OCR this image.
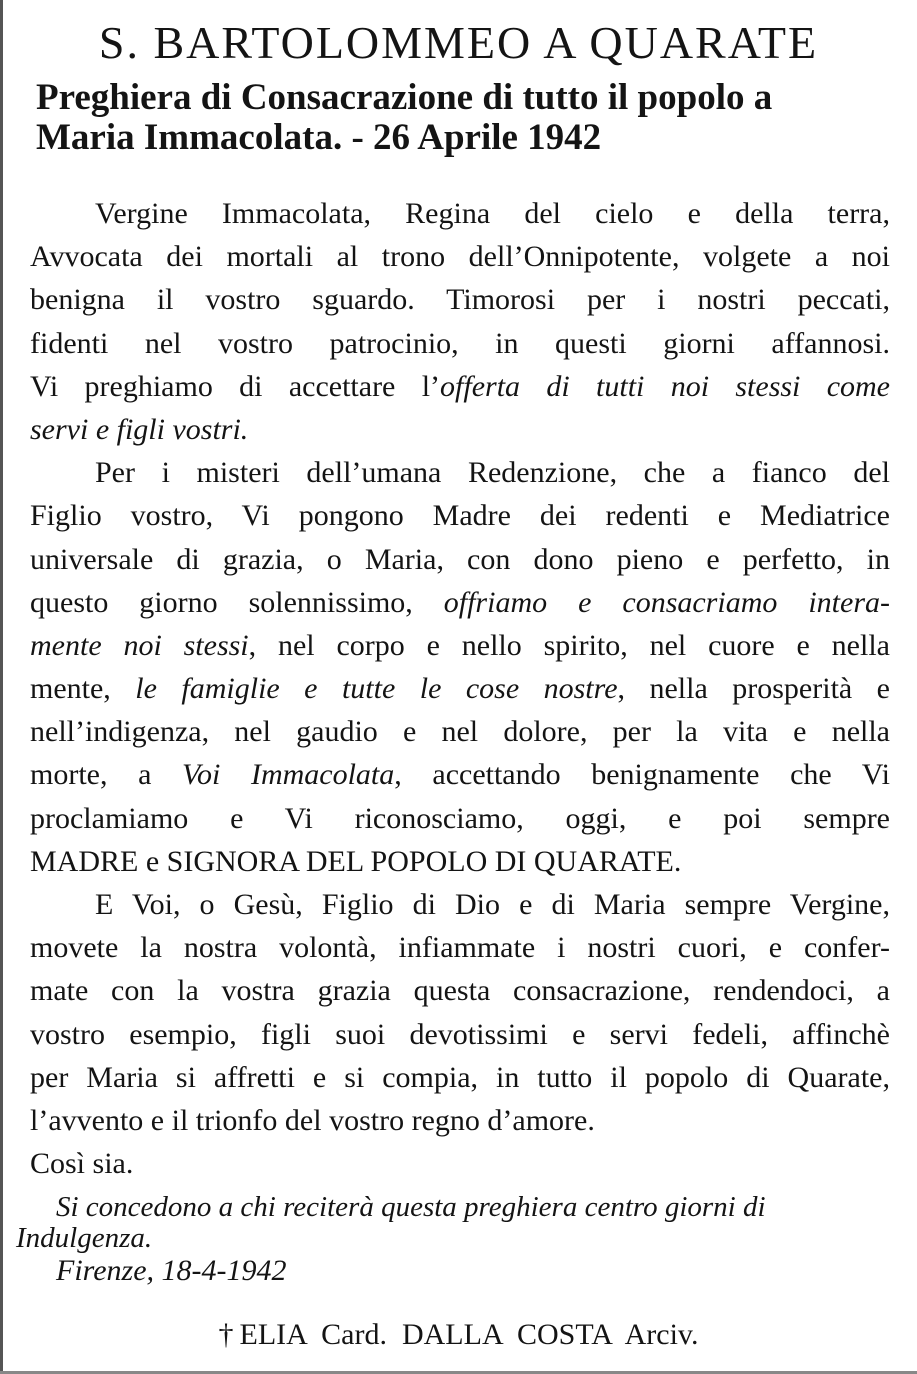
S. BARTOLOMMEO A QUARATE
Preghiera di Consacrazione di tutto il popolo a
Maria Immacolata. - 26 Aprile 1942
Vergine Immacolata, Regina del cielo e della terra,
Avvocata dei mortali al trono dell’Onnipotente, volgete a noi
benigna il vostro sguardo. Timorosi per i nostri peccati,
fidenti nel vostro patrocinio, in questi giorni affannosi.
Vi preghiamo di accettare l’offerta di tutti noi stessi come
servi e figli vostri.
Per i misteri dell’umana Redenzione, che a fianco del
Figlio vostro, Vi pongono Madre dei redenti e Mediatrice
universale di grazia, o Maria, con dono pieno e perfetto, in
questo giorno solennissimo, offriamo e consacriamo intera-
mente noi stessi, nel corpo e nello spirito, nel cuore e nella
mente, le famiglie e tutte le cose nostre, nella prosperità e
nell’indigenza, nel gaudio e nel dolore, per la vita e nella
morte, a Voi Immacolata, accettando benignamente che Vi
proclamiamo e Vi riconosciamo, oggi, e poi sempre
MADRE e SIGNORA DEL POPOLO DI QUARATE.
E Voi, o Gesù, Figlio di Dio e di Maria sempre Vergine,
movete la nostra volontà, infiammate i nostri cuori, e confer-
mate con la vostra grazia questa consacrazione, rendendoci, a
vostro esempio, figli suoi devotissimi e servi fedeli, affinchè
per Maria si affretti e si compia, in tutto il popolo di Quarate,
l’avvento e il trionfo del vostro regno d’amore.
Così sia.
Si concedono a chi reciterà questa preghiera centro giorni di
Indulgenza.
Firenze, 18-4-1942
† ELIA  Card.  DALLA  COSTA  Arciv.
